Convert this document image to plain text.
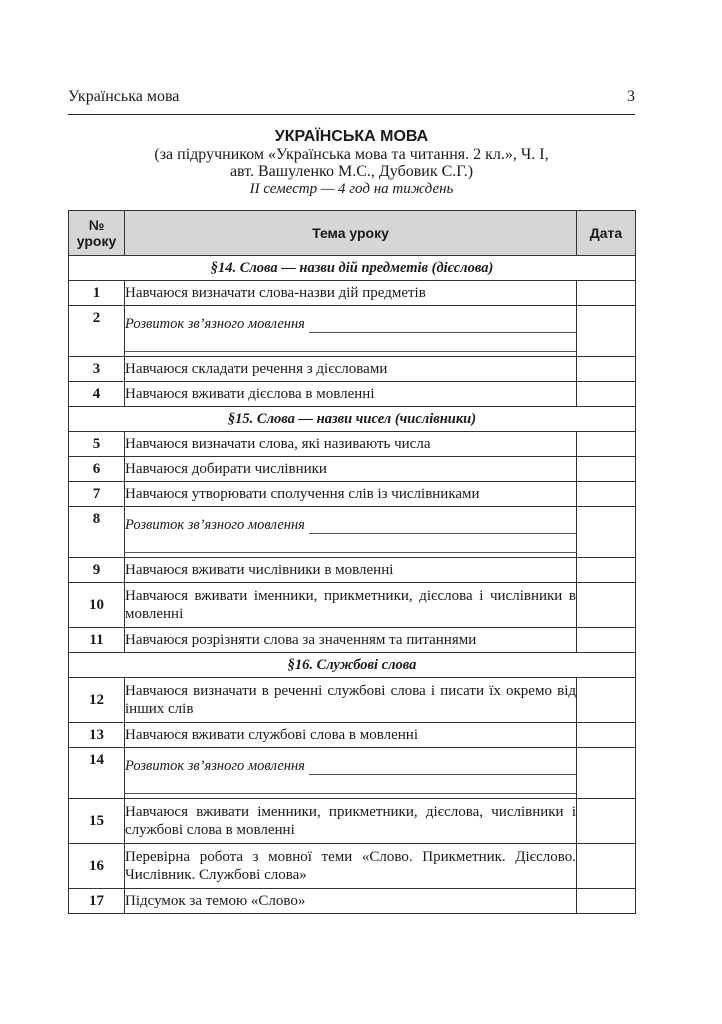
Українська мова	3
УКРАЇНСЬКА МОВА
(за підручником «Українська мова та читання. 2 кл.», Ч. І,
авт. Вашуленко М.С., Дубовик С.Г.)
ІІ семестр — 4 год на тиждень
№ уроку	Тема уроку	Дата
§14. Слова — назви дій предметів (дієслова)		
1	Навчаюся визначати слова-назви дій предметів	
2	Розвиток зв’язного мовлення	

3	Навчаюся складати речення з дієсловами	
4	Навчаюся вживати дієслова в мовленні	
§15. Слова — назви чисел (числівники)		
5	Навчаюся визначати слова, які називають числа	
6	Навчаюся добирати числівники	
7	Навчаюся утворювати сполучення слів із числівниками	
8	Розвиток зв’язного мовлення	

9	Навчаюся вживати числівники в мовленні	
10	Навчаюся вживати іменники, прикметники, дієслова і числівники в мовленні	
11	Навчаюся розрізняти слова за значенням та питаннями	
§16. Службові слова		
12	Навчаюся визначати в реченні службові слова і писати їх окремо від інших слів	
13	Навчаюся вживати службові слова в мовленні	
14	Розвиток зв’язного мовлення	

15	Навчаюся вживати іменники, прикметники, дієслова, числівники і службові слова в мовленні	
16	Перевірна робота з мовної теми «Слово. Прикметник. Дієслово. Числівник. Службові слова»	
17	Підсумок за темою «Слово»	
